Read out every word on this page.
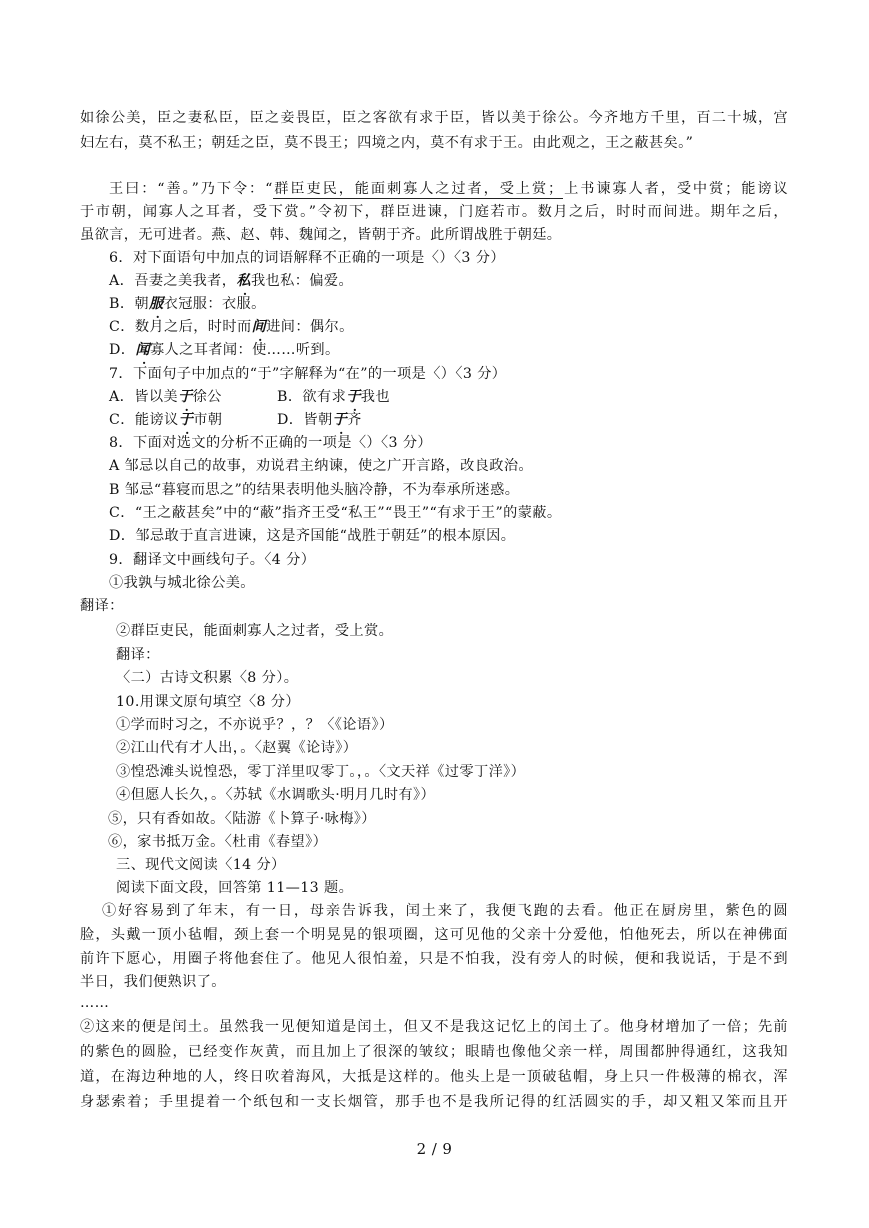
如徐公美，臣之妻私臣，臣之妾畏臣，臣之客欲有求于臣，皆以美于徐公。今齐地方千里，百二十城，宫
妇左右，莫不私王；朝廷之臣，莫不畏王；四境之内，莫不有求于王。由此观之，王之蔽甚矣。”
王曰：“善。”乃下令：“群臣吏民，能面刺寡人之过者，受上赏；上书谏寡人者，受中赏；能谤议
于市朝，闻寡人之耳者，受下赏。”令初下，群臣进谏，门庭若市。数月之后，时时而间进。期年之后，
虽欲言，无可进者。燕、赵、韩、魏闻之，皆朝于齐。此所谓战胜于朝廷。
6．对下面语句中加点的词语解释不正确的一项是〈）〈3 分）
A．吾妻之美我者，私我也私：偏爱。
B．朝服衣冠服：衣服。
C．数月之后，时时而间进间：偶尔。
D．闻寡人之耳者闻：使……听到。
7．下面句子中加点的“于”字解释为“在”的一项是〈）〈3 分）
A．皆以美于徐公	B．欲有求于我也
C．能谤议于市朝	D．皆朝于齐
8．下面对选文的分析不正确的一项是〈）〈3 分）
A 邹忌以自己的故事，劝说君主纳谏，使之广开言路，改良政治。
B 邹忌“暮寝而思之”的结果表明他头脑冷静，不为奉承所迷惑。
C．“王之蔽甚矣”中的“蔽”指齐王受“私王”“畏王”“有求于王”的蒙蔽。
D．邹忌敢于直言进谏，这是齐国能“战胜于朝廷”的根本原因。
9．翻译文中画线句子。〈4 分）
①我孰与城北徐公美。
翻译：
②群臣吏民，能面刺寡人之过者，受上赏。
翻译：
〈二）古诗文积累〈8 分）。
10.用课文原句填空〈8 分）
①学而时习之，不亦说乎？，？〈《论语》）
②江山代有才人出，。〈赵翼《论诗》）
③惶恐滩头说惶恐，零丁洋里叹零丁。，。〈文天祥《过零丁洋》）
④但愿人长久，。〈苏轼《水调歌头·明月几时有》）
⑤，只有香如故。〈陆游《卜算子·咏梅》）
⑥，家书抵万金。〈杜甫《春望》）
三、现代文阅读〈14 分）
阅读下面文段，回答第 11—13 题。
①好容易到了年末，有一日，母亲告诉我，闰土来了，我便飞跑的去看。他正在厨房里，紫色的圆
脸，头戴一顶小毡帽，颈上套一个明晃晃的银项圈，这可见他的父亲十分爱他，怕他死去，所以在神佛面
前许下愿心，用圈子将他套住了。他见人很怕羞，只是不怕我，没有旁人的时候，便和我说话，于是不到
半日，我们便熟识了。
……
②这来的便是闰土。虽然我一见便知道是闰土，但又不是我这记忆上的闰土了。他身材增加了一倍；先前
的紫色的圆脸，已经变作灰黄，而且加上了很深的皱纹；眼睛也像他父亲一样，周围都肿得通红，这我知
道，在海边种地的人，终日吹着海风，大抵是这样的。他头上是一顶破毡帽，身上只一件极薄的棉衣，浑
身瑟索着；手里提着一个纸包和一支长烟管，那手也不是我所记得的红活圆实的手，却又粗又笨而且开
2 / 9
